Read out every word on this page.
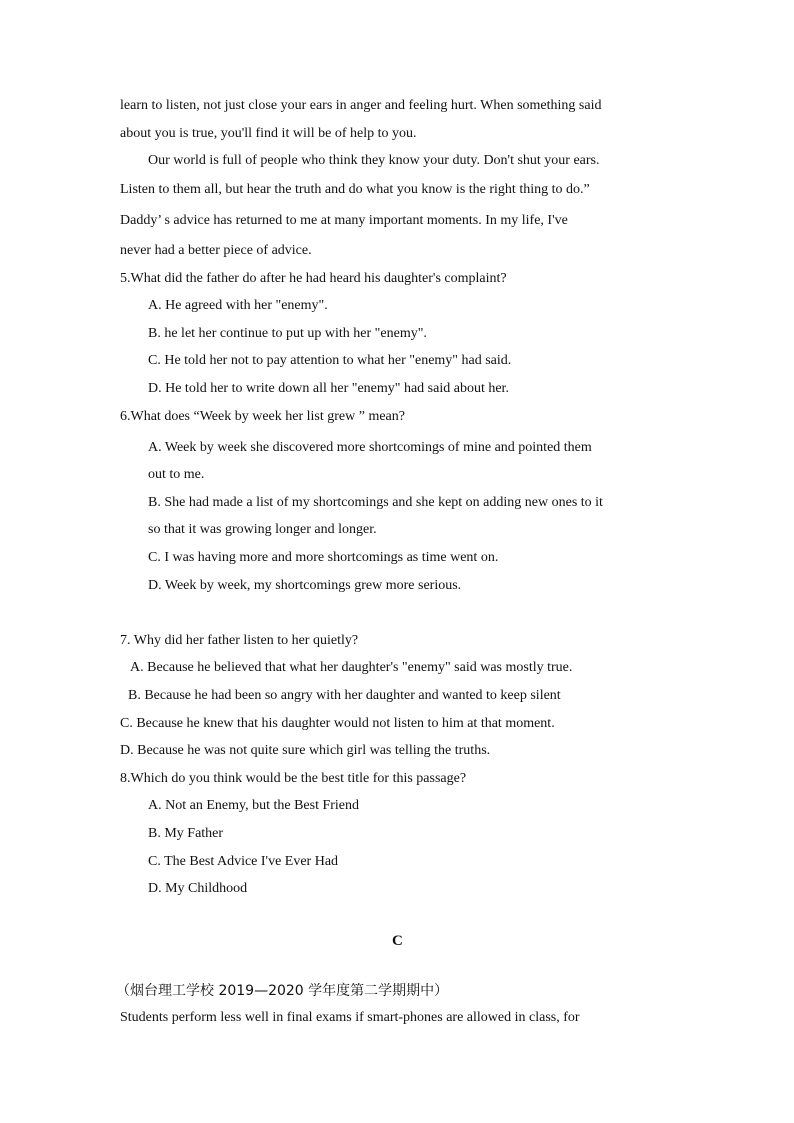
learn to listen, not just close your ears in anger and feeling hurt. When something said
about you is true, you'll find it will be of help to you.
Our world is full of people who think they know your duty. Don't shut your ears.
Listen to them all, but hear the truth and do what you know is the right thing to do.”
Daddy’ s advice has returned to me at many important moments. In my life, I've
never had a better piece of advice.
5.What did the father do after he had heard his daughter's complaint?
A. He agreed with her "enemy".
B. he let her continue to put up with her "enemy".
C. He told her not to pay attention to what her "enemy" had said.
D. He told her to write down all her "enemy" had said about her.
6.What does “Week by week her list grew ” mean?
A. Week by week she discovered more shortcomings of mine and pointed them
out to me.
B. She had made a list of my shortcomings and she kept on adding new ones to it
so that it was growing longer and longer.
C. I was having more and more shortcomings as time went on.
D. Week by week, my shortcomings grew more serious.
7. Why did her father listen to her quietly?
A. Because he believed that what her daughter's "enemy" said was mostly true.
B. Because he had been so angry with her daughter and wanted to keep silent
C. Because he knew that his daughter would not listen to him at that moment.
D. Because he was not quite sure which girl was telling the truths.
8.Which do you think would be the best title for this passage?
A. Not an Enemy, but the Best Friend
B. My Father
C. The Best Advice I've Ever Had
D. My Childhood
C
（烟台理工学校 2019—2020 学年度第二学期期中）
Students perform less well in final exams if smart-phones are allowed in class, for
